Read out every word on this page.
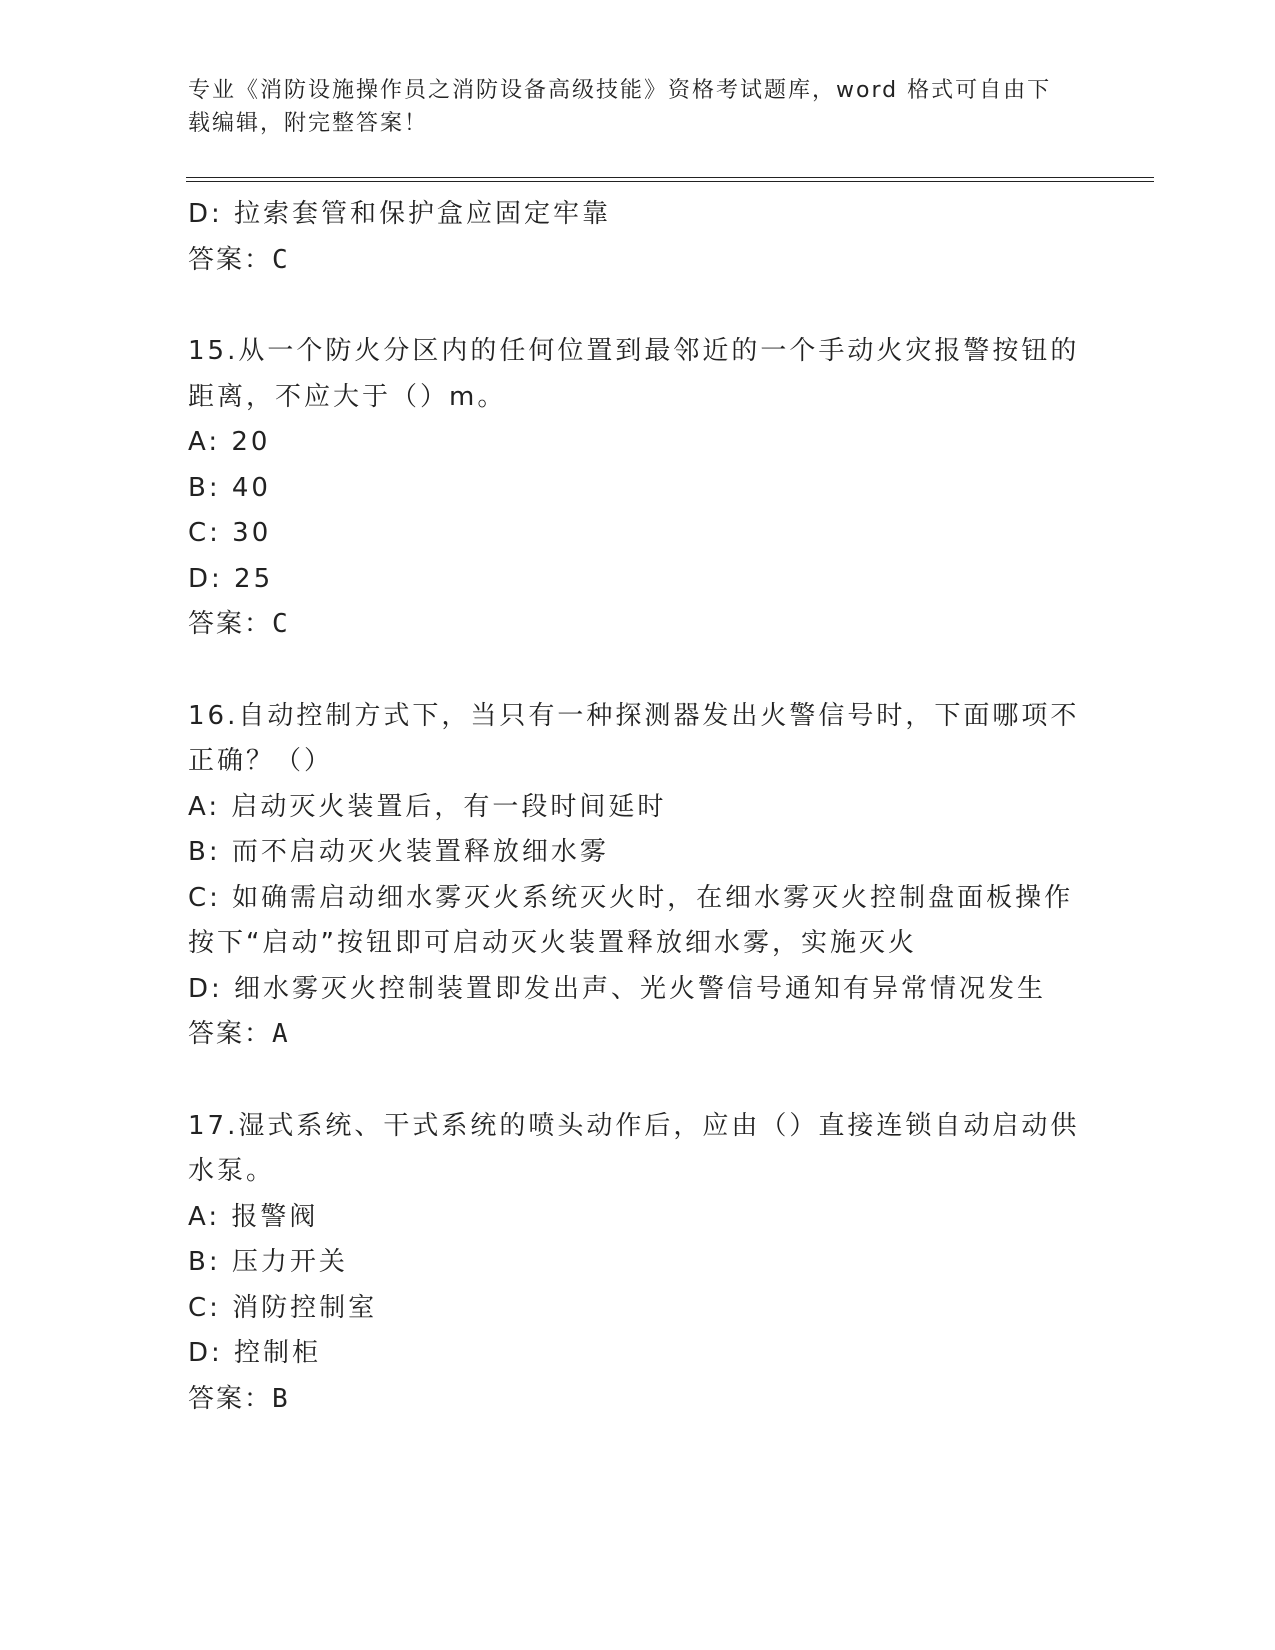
专业《消防设施操作员之消防设备高级技能》资格考试题库，word 格式可自由下
载编辑，附完整答案！
D: 拉索套管和保护盒应固定牢靠
答案：C
15.从一个防火分区内的任何位置到最邻近的一个手动火灾报警按钮的
距离，不应大于（）m。
A: 20
B: 40
C: 30
D: 25
答案：C
16.自动控制方式下，当只有一种探测器发出火警信号时，下面哪项不
正确？（）
A: 启动灭火装置后，有一段时间延时
B: 而不启动灭火装置释放细水雾
C: 如确需启动细水雾灭火系统灭火时，在细水雾灭火控制盘面板操作
按下“启动”按钮即可启动灭火装置释放细水雾，实施灭火
D: 细水雾灭火控制装置即发出声、光火警信号通知有异常情况发生
答案：A
17.湿式系统、干式系统的喷头动作后，应由（）直接连锁自动启动供
水泵。
A: 报警阀
B: 压力开关
C: 消防控制室
D: 控制柜
答案：B
